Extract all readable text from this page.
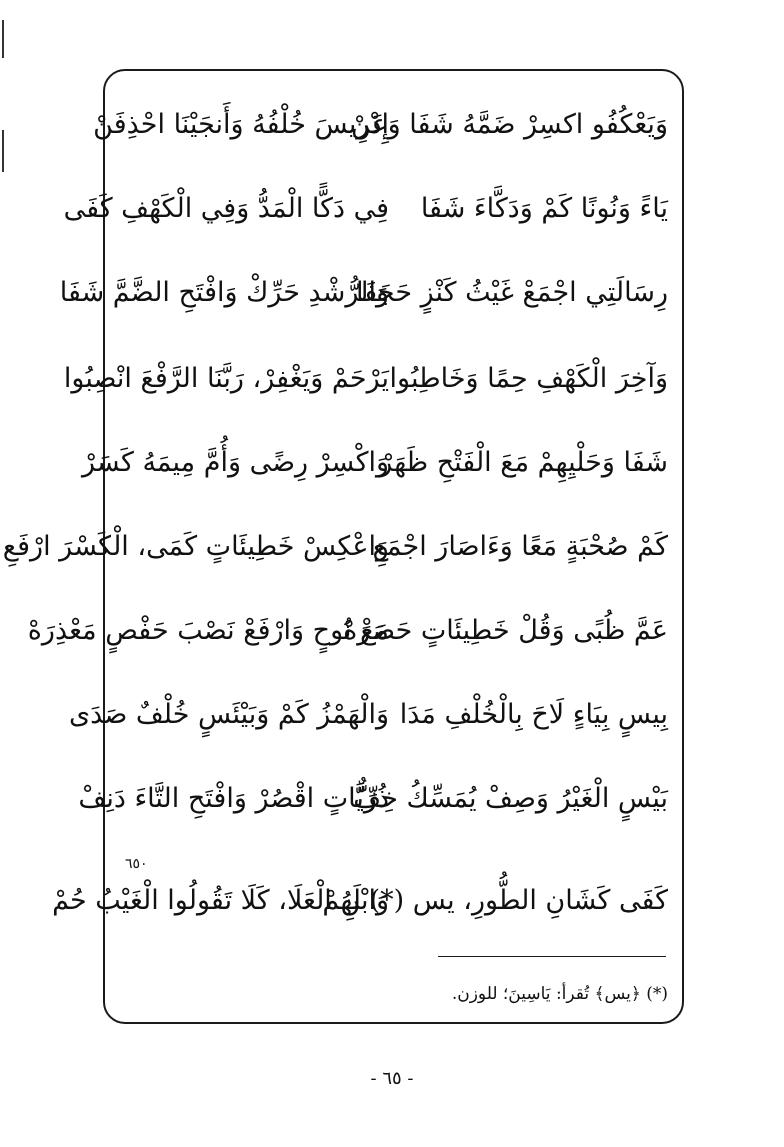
وَيَعْكُفُو اكسِرْ ضَمَّهُ شَفَا وَعَنْ
إِدْرِيسَ خُلْفُهُ وَأَنجَيْنَا احْذِفَنْ
يَاءً وَنُونًا كَمْ وَدَكَّاءَ شَفَا
فِي دَكًّا الْمَدُّ وَفِي الْكَهْفِ كَفَى
رِسَالَتِي اجْمَعْ غَيْثُ كَنْزٍ حَجَفَا
وَالرُّشْدِ حَرِّكْ وَافْتَحِ الضَّمَّ شَفَا
وَآخِرَ الْكَهْفِ حِمًا وَخَاطِبُوا
يَرْحَمْ وَيَغْفِرْ، رَبَّنَا الرَّفْعَ انْصِبُوا
شَفَا وَحَلْيِهِمْ مَعَ الْفَتْحِ ظَهَرْ
وَاكْسِرْ رِضًى وَأُمَّ مِيمَهُ كَسَرْ
كَمْ صُحْبَةٍ مَعًا وَءَاصَارَ اجْمَعِ
وَاعْكِسْ خَطِيئَاتٍ كَمَى، الْكَسْرَ ارْفَعِ
عَمَّ ظُبًى وَقُلْ خَطِيئَاتٍ حَصَرَهْ
مَعْ نُوحٍ وَارْفَعْ نَصْبَ حَفْصٍ مَعْذِرَهْ
بِيسٍ بِيَاءٍ لَاحَ بِالْخُلْفِ مَدَا
وَالْهَمْزُ كَمْ وَبَيْئَسٍ خُلْفٌ صَدَى
بَيْسٍ الْغَيْرُ وَصِفْ يُمَسِّكُ خِفٌّ
ذُرِّيَّاتٍ اقْصُرْ وَافْتَحِ التَّاءَ دَنِفْ
كَفَى كَشَانِ الطُّورِ، يس (*) لَهُمْ
وَابْنِ الْعَلَا، كَلَا تَقُولُوا الْغَيْبُ حُمْ
٦٥٠
(*) ﴿يس﴾ تُقرأ: يَاسِينَ؛ للوزن.
- ٦٥ -
